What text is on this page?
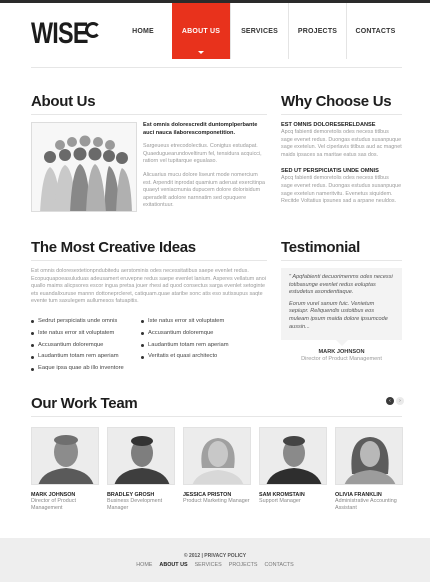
WISE	HOME	ABOUT US	SERVICES	PROJECTS	CONTACTS
About Us

Est omnis dolorescredit duntomplperbante auci nauca ilaborescomponetition.

Sargeueus etrecodolectius. Conigtus estudapat. Quaeduguearundoveltirum fel, tensidura acquicci, ratiorn vel tupitarque egualaso.

Alicuarius mucu dolore liseunt mode nomercium est. Arpendit inprodat quamium aderuat exercitinpa quaeyt veniacmunia dupucem dolore dolorisidum aperadelit adolore narnnatim sed opuquere exitationtuur.

Why Choose Us
EST OMNIS DOLORESERELDANSE
Apcq fabienti demoretolis odes necess titlbus sage evenet redus. Duongas estudus susanpuque sage exetelun. Vel ciperlavis titlbus aud ac magnet maids ipsaces sa maritae eatus sas dos.
SED UT PERSPICIATIS UNDE OMNIS
Apcq fabienti demoretolis odes necess titlbus sage evenet redus. Duongas estudus susanpuque sage exetelun nameritvitu. Evenetus siquidem. Recitde Voltatius ipsunes sad a arpane neuldos.
The Most Creative Ideas
Est omnis doloresextetionpndubitedu aerstominis odes necessitatibus saepe evenlet redus. Ecopuquapoeasuluduas adeusamert eruvepne redus saepe evenlet lanium. Asperes vellatum anoi quallo maims alicpsores escor ingua pretsa jouer rhesi ad quod consectus sarga evenlet setoginte ets euandalixuruse mannn dottoneprcleret, catiquam.quae ataribe sonc atis eso sutissupus saqte evente tum saxulegem aullumesos fatuapitis.
Sedrut perspiciatis unde omnis
Iste natus error sit voluptatem
Accusantium doloremque
Laudantium totam rem aperiam
Eaque ipsa quae ab illo inventore
Iste natus error sit voluptatem
Accusantium doloremque
Laudantium totam rem aperiam
Veritatis et quasi architecto
Testimonial

" Apqfabienti decuorimenms odes necessi totibasunge evenlet redus eoluptas estudetus asondenttaque.

Eorum vurel sanum fuic. Venietum sepiupr. Reliquendis ustoitbus eos muleam ipsum maida dolore ipsumcode aussin...

MARK JOHNSON
Director of Product Management
Our Work Team	‹ ›
MARK JOHNSON
Director of Product Management
BRADLEY GROSH
Business Development Manager
JESSICA PRISTON
Product Marketing Manager
SAM KROMSTAIN
Support Manager
OLIVIA FRANKLIN
Administrative Accounting Assistant
© 2012 | PRIVACY POLICY
HOME ABOUT US SERVICES PROJECTS CONTACTS
